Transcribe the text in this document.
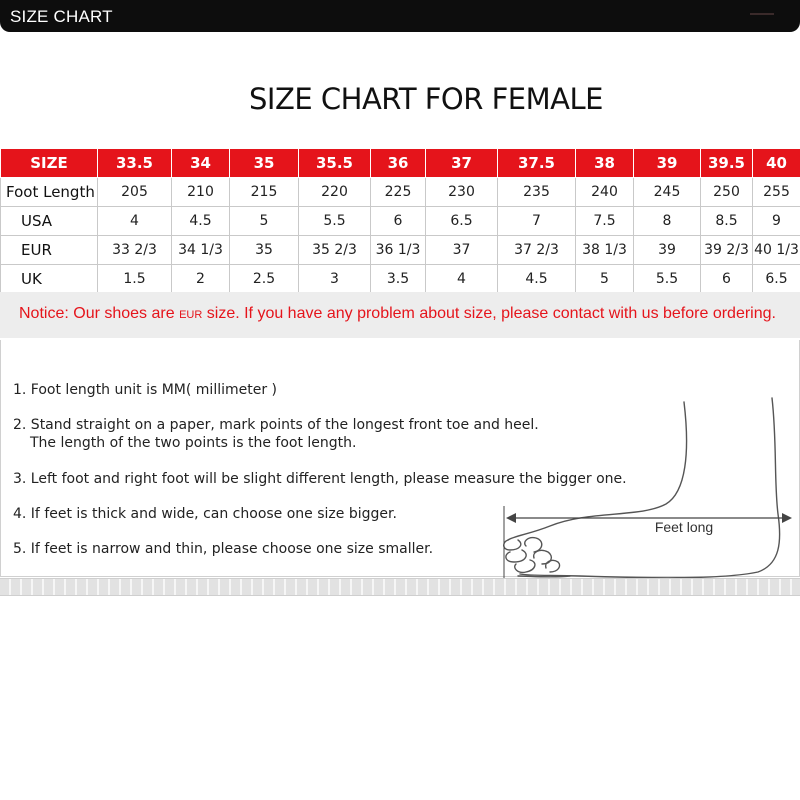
SIZE CHART
SIZE CHART FOR FEMALE
SIZE	33.5	34	35	35.5	36	37	37.5	38	39	39.5	40
Foot Length	205	210	215	220	225	230	235	240	245	250	255
USA	4	4.5	5	5.5	6	6.5	7	7.5	8	8.5	9
EUR	33 2/3	34 1/3	35	35 2/3	36 1/3	37	37 2/3	38 1/3	39	39 2/3	40 1/3
UK	1.5	2	2.5	3	3.5	4	4.5	5	5.5	6	6.5
Notice: Our shoes are EUR size. If you have any problem about size, please contact with us before ordering.
1. Foot length unit is MM( millimeter )
2. Stand straight on a paper, mark points of the longest front toe and heel.
The length of the two points is the foot length.
3. Left foot and right foot will be slight different length, please measure the bigger one.
4. If feet is thick and wide, can choose one size bigger.
5. If feet is narrow and thin, please choose one size smaller.
Feet long
